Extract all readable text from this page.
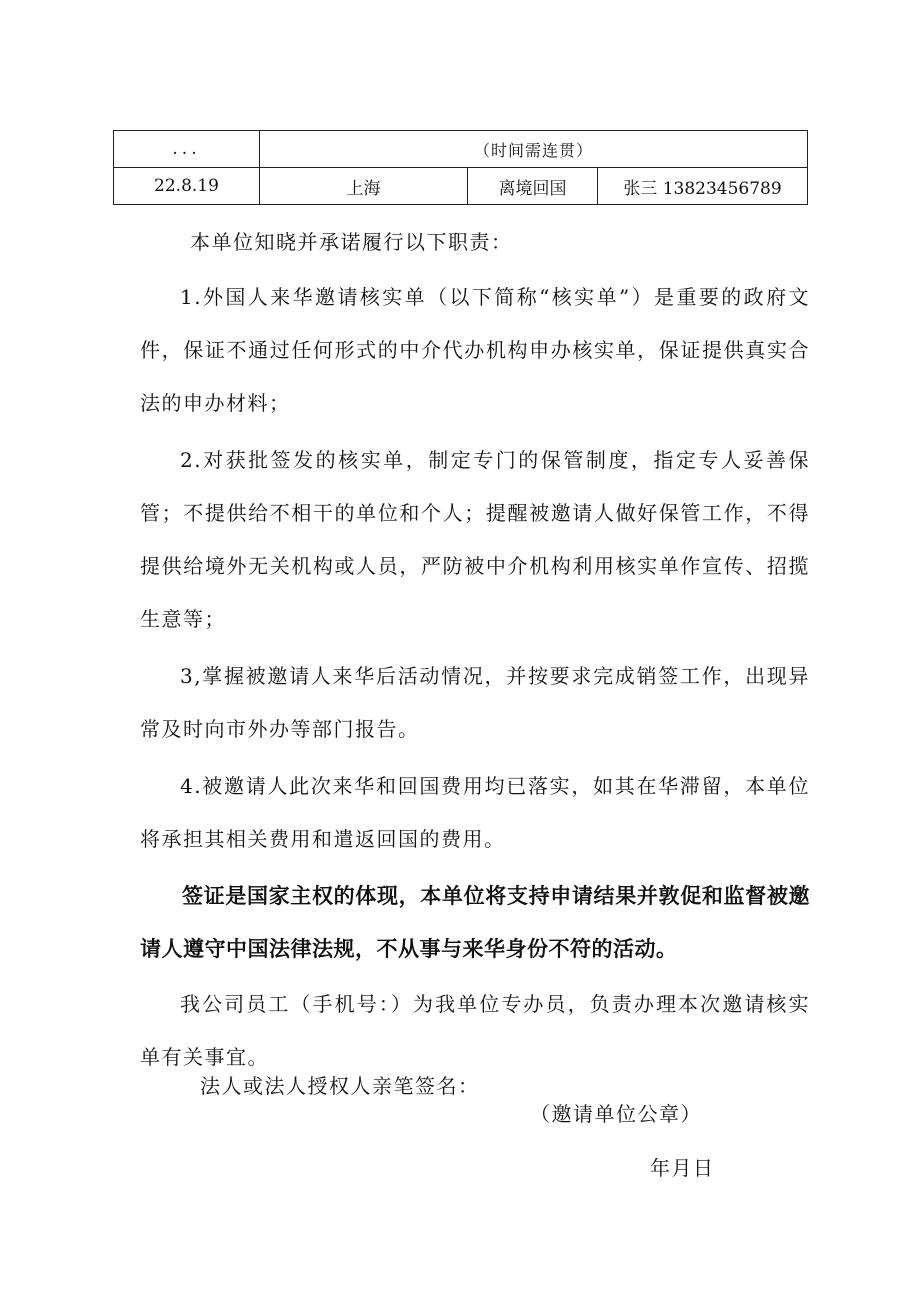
...	（时间需连贯）		
22.8.19	上海	离境回国	张三 13823456789

本单位知晓并承诺履行以下职责：

1.外国人来华邀请核实单（以下简称“核实单”）是重要的政府文件，保证不通过任何形式的中介代办机构申办核实单，保证提供真实合法的申办材料；

2.对获批签发的核实单，制定专门的保管制度，指定专人妥善保管；不提供给不相干的单位和个人；提醒被邀请人做好保管工作，不得提供给境外无关机构或人员，严防被中介机构利用核实单作宣传、招揽生意等；

3,掌握被邀请人来华后活动情况，并按要求完成销签工作，出现异常及时向市外办等部门报告。

4.被邀请人此次来华和回国费用均已落实，如其在华滞留，本单位将承担其相关费用和遣返回国的费用。

签证是国家主权的体现，本单位将支持申请结果并敦促和监督被邀请人遵守中国法律法规，不从事与来华身份不符的活动。

我公司员工（手机号：）为我单位专办员，负责办理本次邀请核实单有关事宜。

法人或法人授权人亲笔签名：
（邀请单位公章）
年月日
